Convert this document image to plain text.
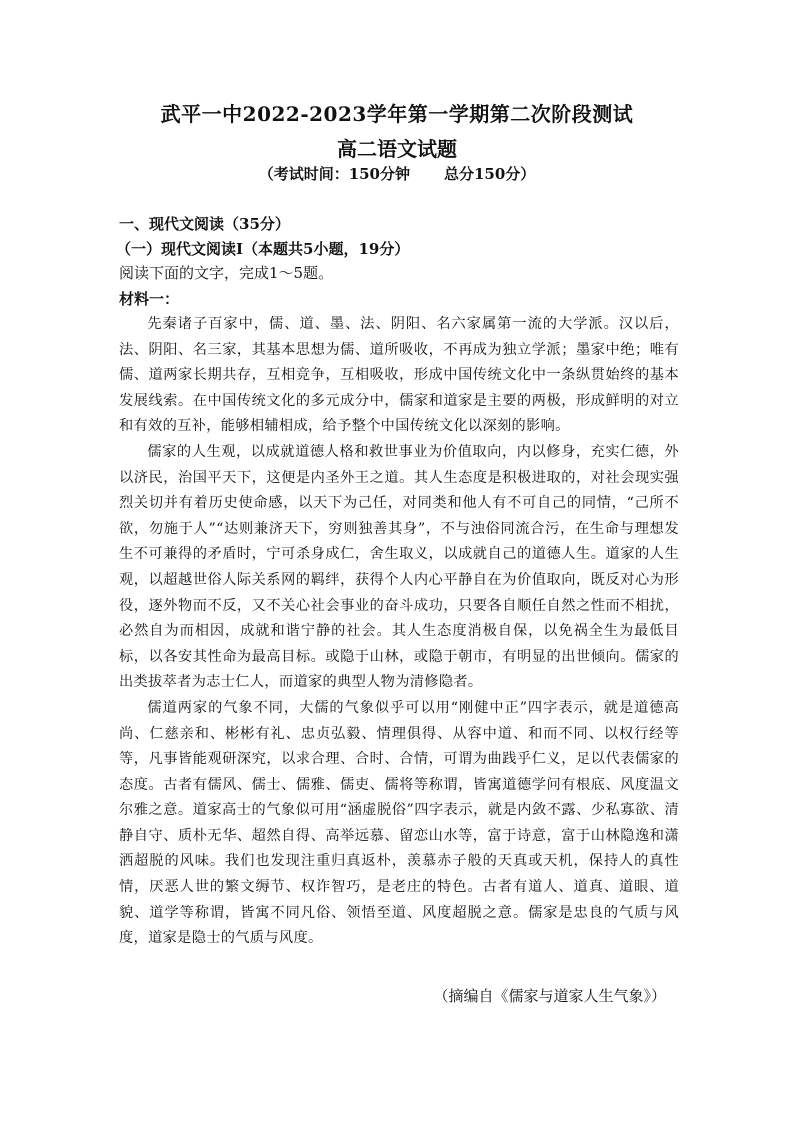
武平一中2022-2023学年第一学期第二次阶段测试
高二语文试题
（考试时间：150分钟 总分150分）
一、现代文阅读（35分）
（一）现代文阅读Ⅰ（本题共5小题，19分）
阅读下面的文字，完成1～5题。
材料一：

先秦诸子百家中，儒、道、墨、法、阴阳、名六家属第一流的大学派。汉以后，法、阴阳、名三家，其基本思想为儒、道所吸收，不再成为独立学派；墨家中绝；唯有儒、道两家长期共存，互相竞争，互相吸收，形成中国传统文化中一条纵贯始终的基本发展线索。在中国传统文化的多元成分中，儒家和道家是主要的两极，形成鲜明的对立和有效的互补，能够相辅相成，给予整个中国传统文化以深刻的影响。

儒家的人生观，以成就道德人格和救世事业为价值取向，内以修身，充实仁德，外以济民，治国平天下，这便是内圣外王之道。其人生态度是积极进取的，对社会现实强烈关切并有着历史使命感，以天下为己任，对同类和他人有不可自己的同情，“己所不欲，勿施于人”“达则兼济天下，穷则独善其身”，不与浊俗同流合污，在生命与理想发生不可兼得的矛盾时，宁可杀身成仁，舍生取义，以成就自己的道德人生。道家的人生观，以超越世俗人际关系网的羁绊，获得个人内心平静自在为价值取向，既反对心为形役，逐外物而不反，又不关心社会事业的奋斗成功，只要各自顺任自然之性而不相扰，必然自为而相因，成就和谐宁静的社会。其人生态度消极自保，以免祸全生为最低目标，以各安其性命为最高目标。或隐于山林，或隐于朝市，有明显的出世倾向。儒家的出类拔萃者为志士仁人，而道家的典型人物为清修隐者。

儒道两家的气象不同，大儒的气象似乎可以用“刚健中正”四字表示，就是道德高尚、仁慈亲和、彬彬有礼、忠贞弘毅、情理俱得、从容中道、和而不同、以权行经等等，凡事皆能观研深究，以求合理、合时、合情，可谓为曲践乎仁义，足以代表儒家的态度。古者有儒风、儒士、儒雅、儒吏、儒将等称谓，皆寓道德学问有根底、风度温文尔雅之意。道家高士的气象似可用“涵虚脱俗”四字表示，就是内敛不露、少私寡欲、清静自守、质朴无华、超然自得、高举远慕、留恋山水等，富于诗意，富于山林隐逸和潇洒超脱的风味。我们也发现注重归真返朴，羡慕赤子般的天真或天机，保持人的真性情，厌恶人世的繁文缛节、权诈智巧，是老庄的特色。古者有道人、道真、道眼、道貌、道学等称谓，皆寓不同凡俗、领悟至道、风度超脱之意。儒家是忠良的气质与风度，道家是隐士的气质与风度。

（摘编自《儒家与道家人生气象》）
